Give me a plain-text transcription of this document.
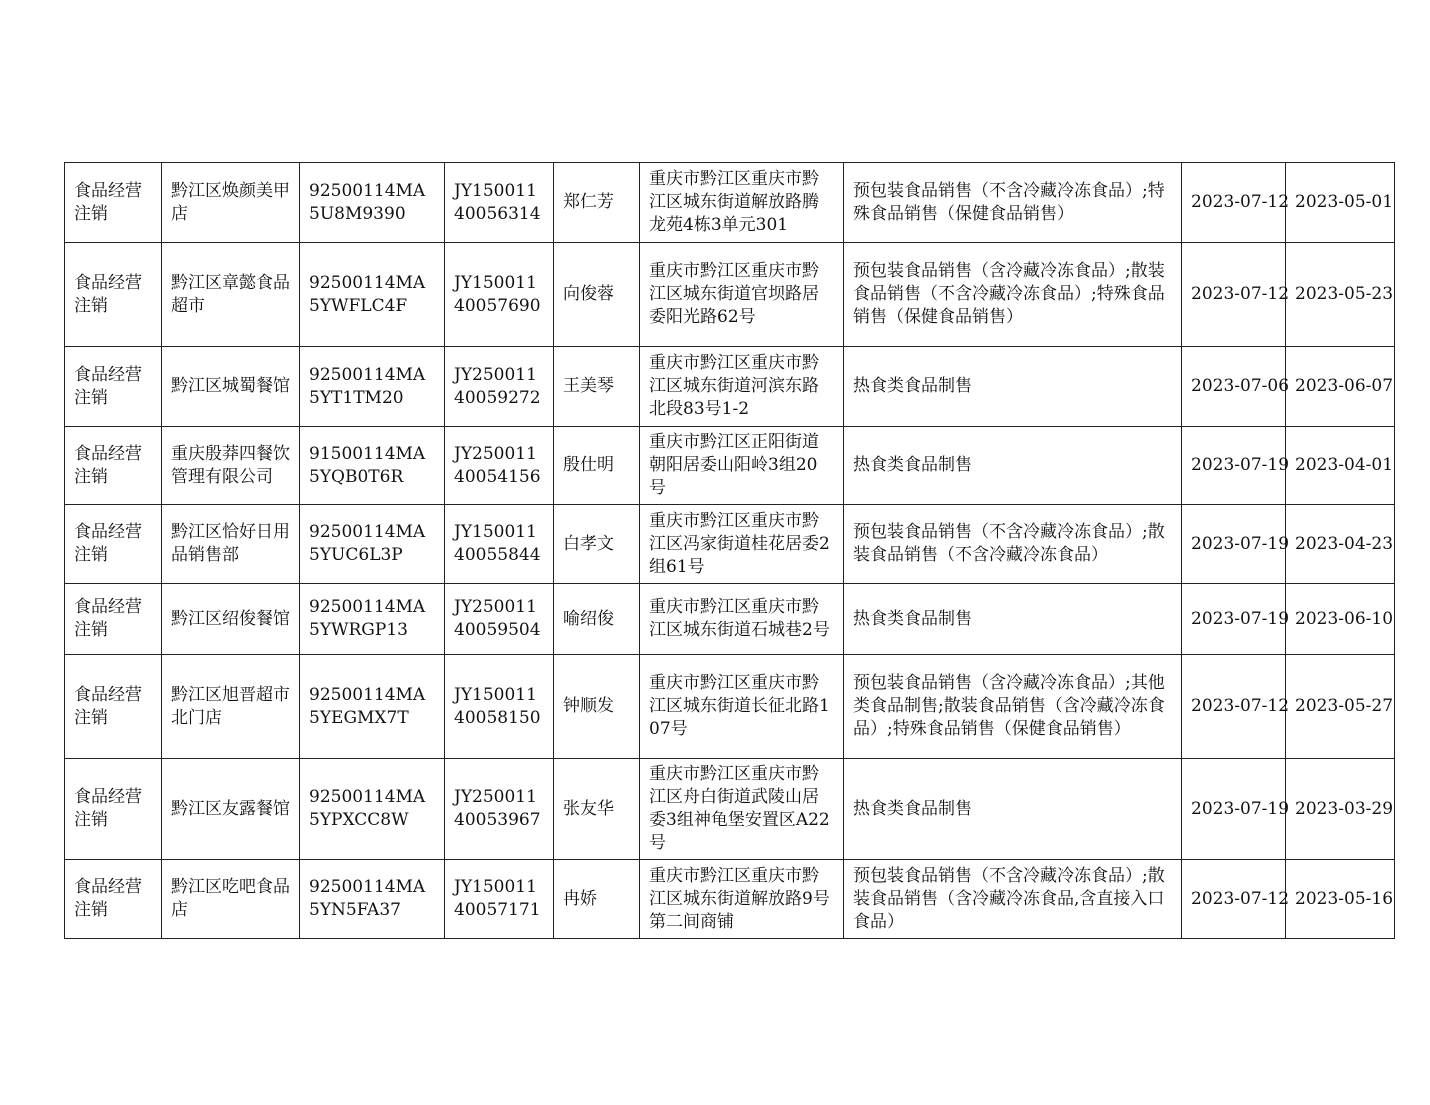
食品经营注销	黔江区焕颜美甲店	92500114MA5U8M9390	JY15001140056314	郑仁芳	重庆市黔江区重庆市黔江区城东街道解放路腾龙苑4栋3单元301	预包装食品销售（不含冷藏冷冻食品）;特殊食品销售（保健食品销售）	2023-07-12	2023-05-01
食品经营注销	黔江区章懿食品超市	92500114MA5YWFLC4F	JY15001140057690	向俊蓉	重庆市黔江区重庆市黔江区城东街道官坝路居委阳光路62号	预包装食品销售（含冷藏冷冻食品）;散装食品销售（不含冷藏冷冻食品）;特殊食品销售（保健食品销售）	2023-07-12	2023-05-23
食品经营注销	黔江区城蜀餐馆	92500114MA5YT1TM20	JY25001140059272	王美琴	重庆市黔江区重庆市黔江区城东街道河滨东路北段83号1-2	热食类食品制售	2023-07-06	2023-06-07
食品经营注销	重庆殷莽四餐饮管理有限公司	91500114MA5YQB0T6R	JY25001140054156	殷仕明	重庆市黔江区正阳街道朝阳居委山阳岭3组20号	热食类食品制售	2023-07-19	2023-04-01
食品经营注销	黔江区恰好日用品销售部	92500114MA5YUC6L3P	JY15001140055844	白孝文	重庆市黔江区重庆市黔江区冯家街道桂花居委2组61号	预包装食品销售（不含冷藏冷冻食品）;散装食品销售（不含冷藏冷冻食品）	2023-07-19	2023-04-23
食品经营注销	黔江区绍俊餐馆	92500114MA5YWRGP13	JY25001140059504	喻绍俊	重庆市黔江区重庆市黔江区城东街道石城巷2号	热食类食品制售	2023-07-19	2023-06-10
食品经营注销	黔江区旭晋超市北门店	92500114MA5YEGMX7T	JY15001140058150	钟顺发	重庆市黔江区重庆市黔江区城东街道长征北路107号	预包装食品销售（含冷藏冷冻食品）;其他类食品制售;散装食品销售（含冷藏冷冻食品）;特殊食品销售（保健食品销售）	2023-07-12	2023-05-27
食品经营注销	黔江区友露餐馆	92500114MA5YPXCC8W	JY25001140053967	张友华	重庆市黔江区重庆市黔江区舟白街道武陵山居委3组神龟堡安置区A22号	热食类食品制售	2023-07-19	2023-03-29
食品经营注销	黔江区吃吧食品店	92500114MA5YN5FA37	JY15001140057171	冉娇	重庆市黔江区重庆市黔江区城东街道解放路9号第二间商铺	预包装食品销售（不含冷藏冷冻食品）;散装食品销售（含冷藏冷冻食品,含直接入口食品）	2023-07-12	2023-05-16
